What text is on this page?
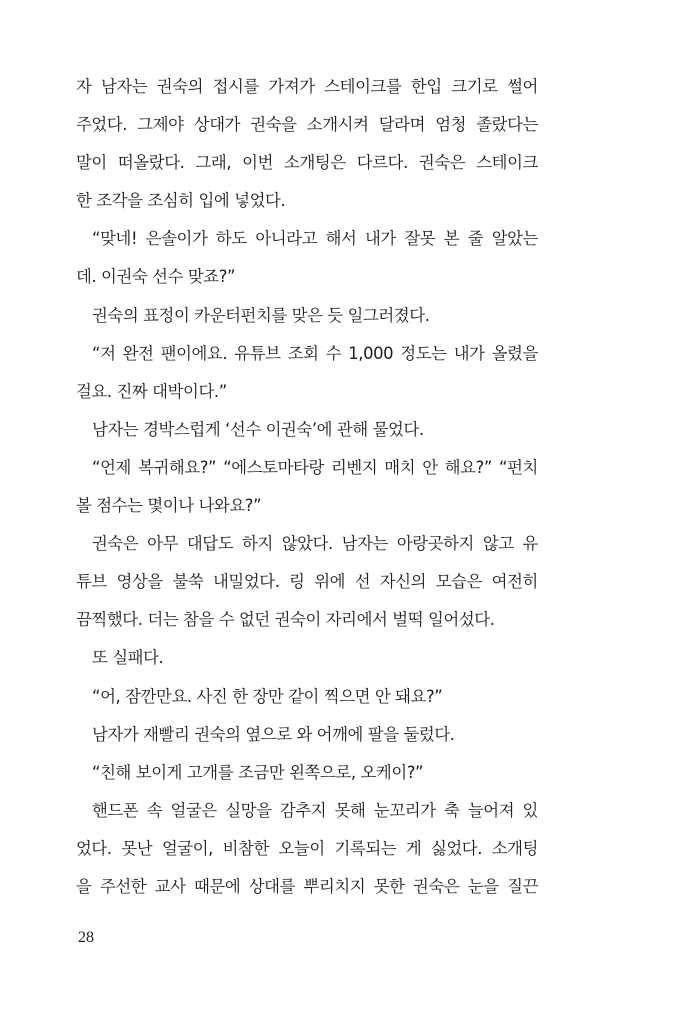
자 남자는 권숙의 접시를 가져가 스테이크를 한입 크기로 썰어
주었다. 그제야 상대가 권숙을 소개시켜 달라며 엄청 졸랐다는
말이 떠올랐다. 그래, 이번 소개팅은 다르다. 권숙은 스테이크
한 조각을 조심히 입에 넣었다.
“맞네! 은솔이가 하도 아니라고 해서 내가 잘못 본 줄 알았는
데. 이권숙 선수 맞죠?”
권숙의 표정이 카운터펀치를 맞은 듯 일그러졌다.
“저 완전 팬이에요. 유튜브 조회 수 1,000 정도는 내가 올렸을
걸요. 진짜 대박이다.”
남자는 경박스럽게 ‘선수 이권숙’에 관해 물었다.
“언제 복귀해요?” “에스토마타랑 리벤지 매치 안 해요?” “펀치
볼 점수는 몇이나 나와요?”
권숙은 아무 대답도 하지 않았다. 남자는 아랑곳하지 않고 유
튜브 영상을 불쑥 내밀었다. 링 위에 선 자신의 모습은 여전히
끔찍했다. 더는 참을 수 없던 권숙이 자리에서 벌떡 일어섰다.
또 실패다.
“어, 잠깐만요. 사진 한 장만 같이 찍으면 안 돼요?”
남자가 재빨리 권숙의 옆으로 와 어깨에 팔을 둘렀다.
“친해 보이게 고개를 조금만 왼쪽으로, 오케이?”
핸드폰 속 얼굴은 실망을 감추지 못해 눈꼬리가 축 늘어져 있
었다. 못난 얼굴이, 비참한 오늘이 기록되는 게 싫었다. 소개팅
을 주선한 교사 때문에 상대를 뿌리치지 못한 권숙은 눈을 질끈
28
